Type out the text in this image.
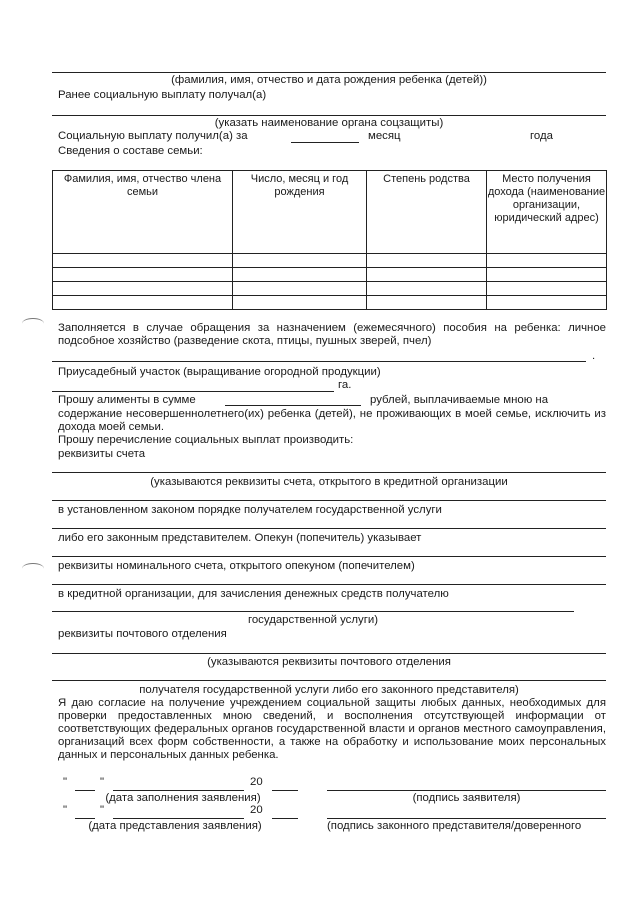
(фамилия, имя, отчество и дата рождения ребенка (детей))
Ранее социальную выплату получал(а)
(указать наименование органа соцзащиты)
Социальную выплату получил(а) за	месяц	года
Сведения о составе семьи:
Фамилия, имя, отчество члена семьи	Число, месяц и год рождения	Степень родства	Место получения дохода (наименование организации, юридический адрес)

Заполняется в случае обращения за назначением (ежемесячного) пособия на ребенка: личное подсобное хозяйство (разведение скота, птицы, пушных зверей, пчел)
.
Приусадебный участок (выращивание огородной продукции)
га.
Прошу алименты в сумме	рублей, выплачиваемые мною на
содержание несовершеннолетнего(их) ребенка (детей), не проживающих в моей семье, исключить из дохода моей семьи.
Прошу перечисление социальных выплат производить:
реквизиты счета
(указываются реквизиты счета, открытого в кредитной организации
в установленном законом порядке получателем государственной услуги
либо его законным представителем. Опекун (попечитель) указывает
реквизиты номинального счета, открытого опекуном (попечителем)
в кредитной организации, для зачисления денежных средств получателю
государственной услуги)
реквизиты почтового отделения
(указываются реквизиты почтового отделения
получателя государственной услуги либо его законного представителя)
Я даю согласие на получение учреждением социальной защиты любых данных, необходимых для проверки предоставленных мною сведений, и восполнения отсутствующей информации от соответствующих федеральных органов государственной власти и органов местного самоуправления, организаций всех форм собственности, а также на обработку и использование моих персональных данных и персональных данных ребенка.
"	"	20
(дата заполнения заявления)	(подпись заявителя)
"	"	20
(дата представления заявления)	(подпись законного представителя/доверенного
